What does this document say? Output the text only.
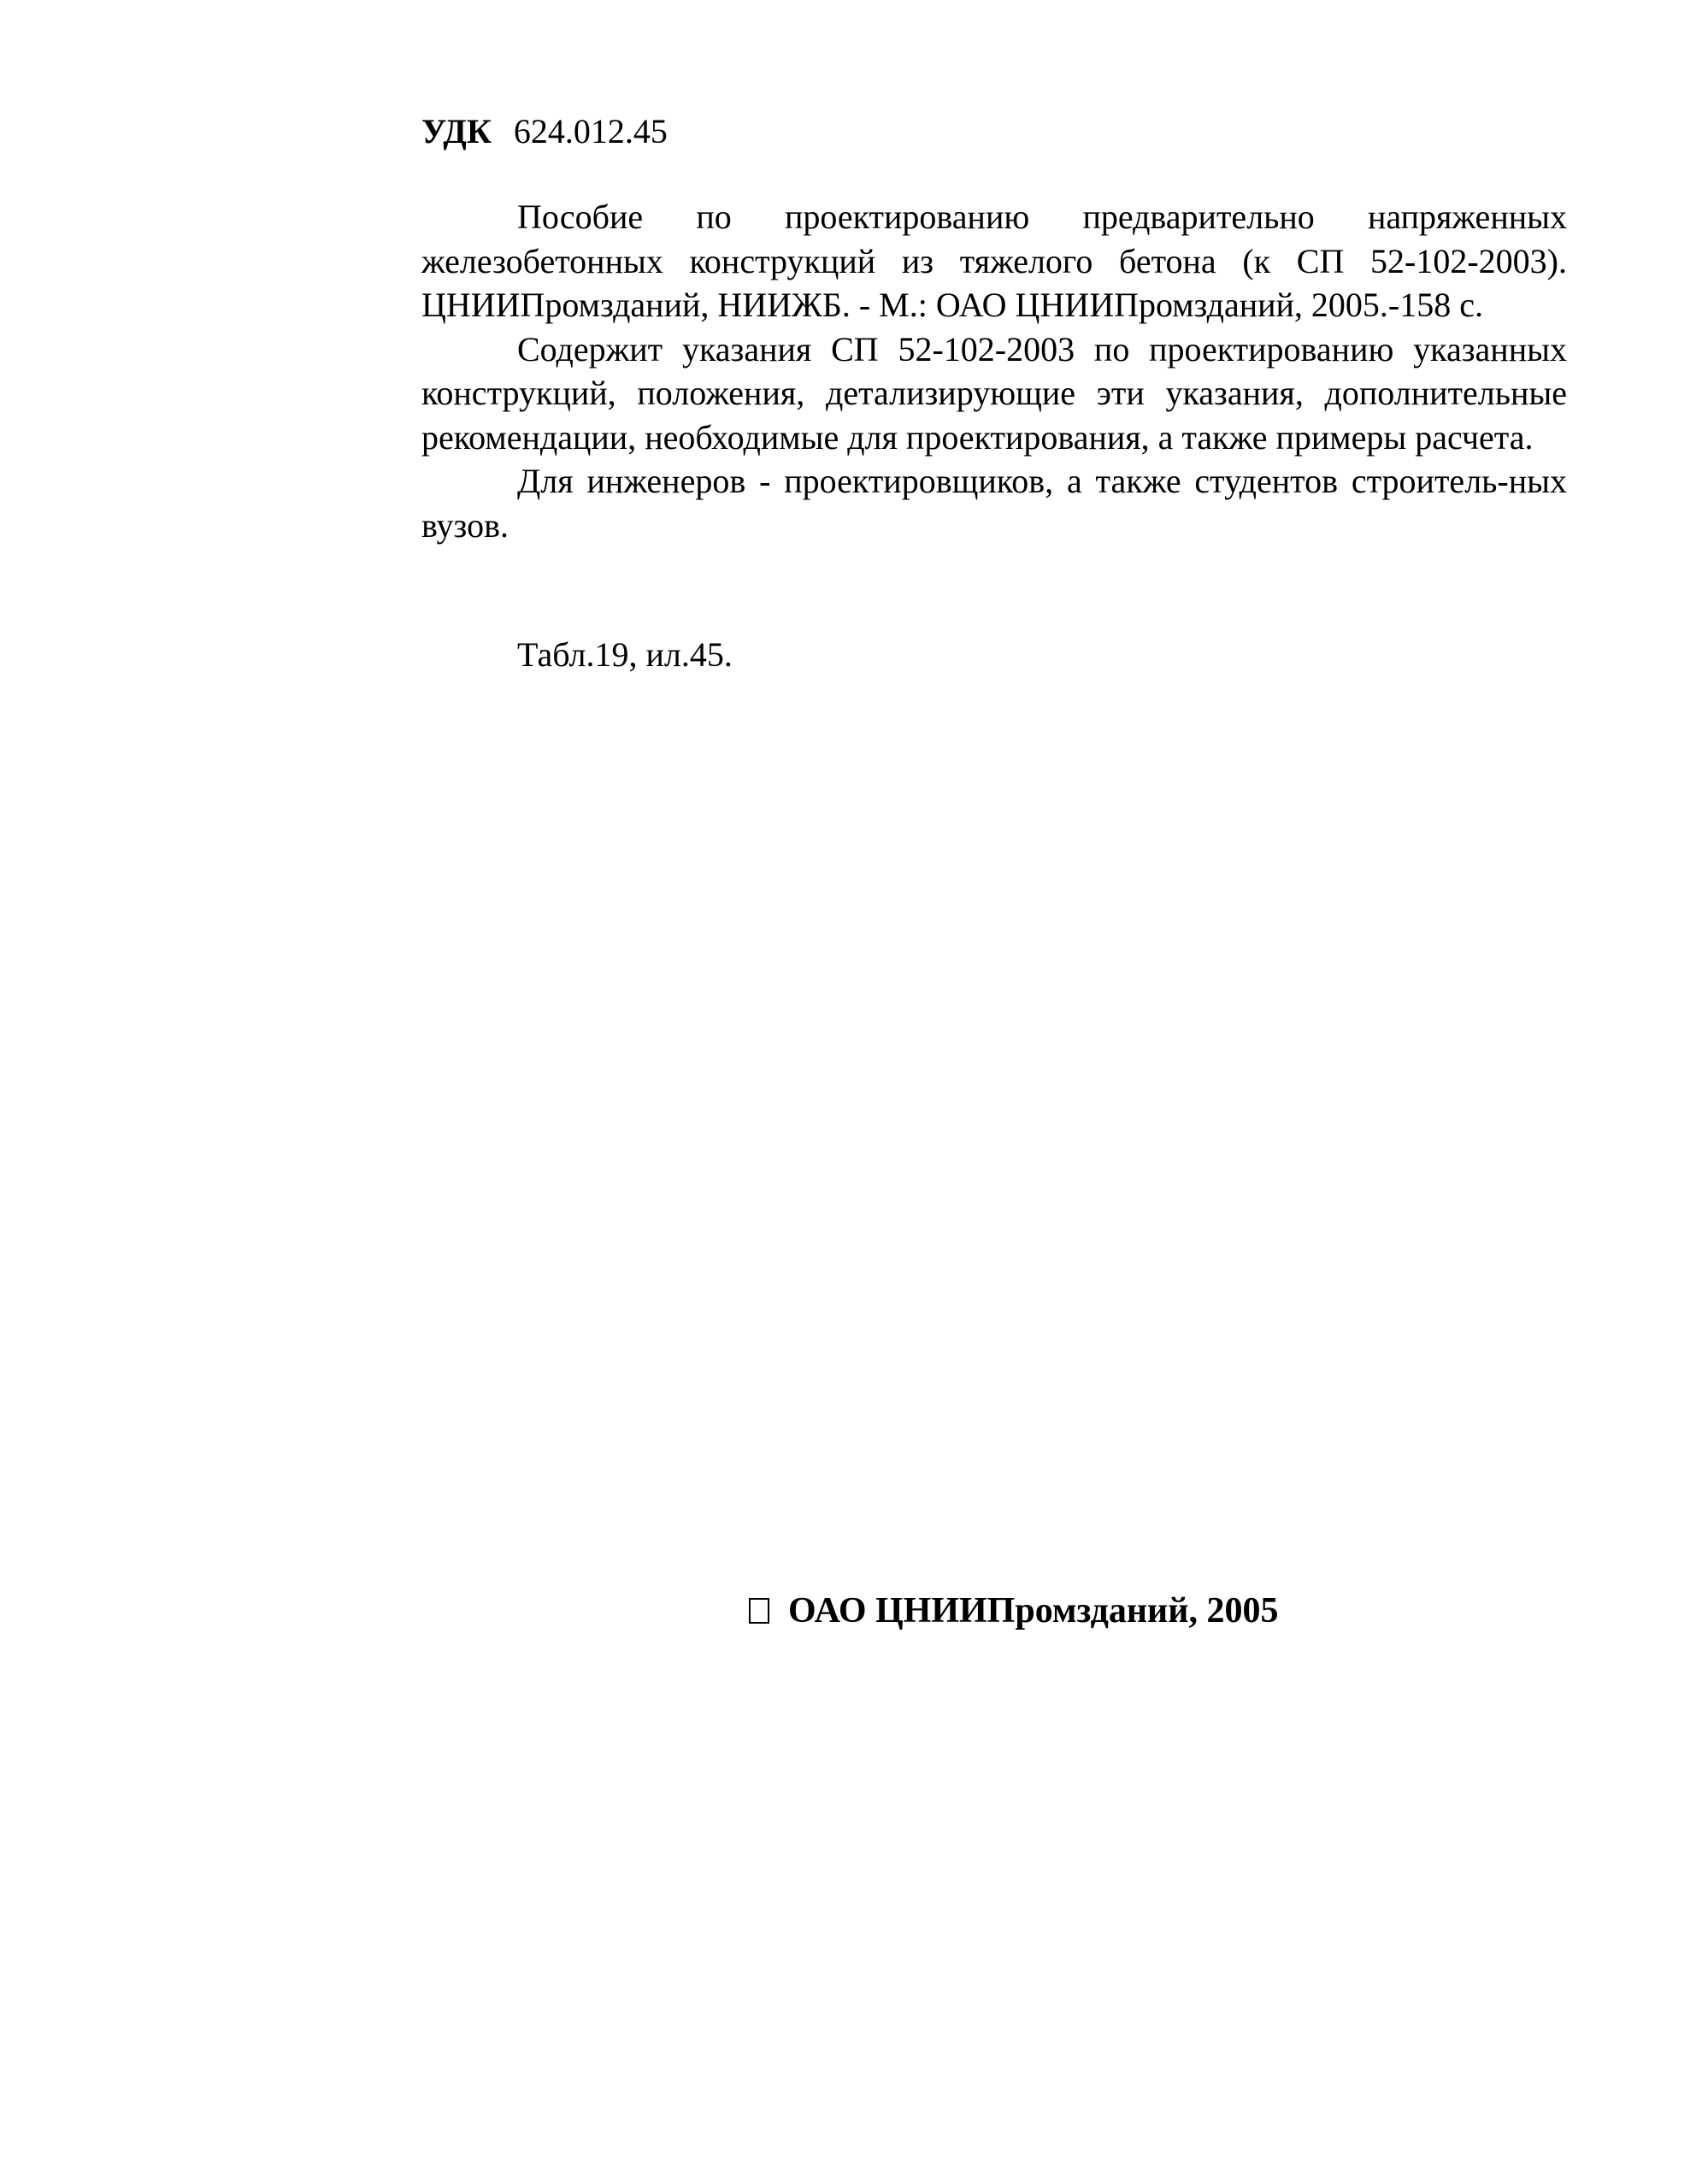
УДК 624.012.45

Пособие по проектированию предварительно напряженных железобетонных конструкций из тяжелого бетона (к СП 52-102-2003). ЦНИИПромзданий, НИИЖБ. - М.: ОАО ЦНИИПромзданий, 2005.-158 с.

Содержит указания СП 52-102-2003 по проектированию указанных конструкций, положения, детализирующие эти указания, дополнительные рекомендации, необходимые для проектирования, а также примеры расчета.

Для инженеров - проектировщиков, а также студентов строитель-ных вузов.

Табл.19, ил.45.
ОАО ЦНИИПромзданий, 2005
